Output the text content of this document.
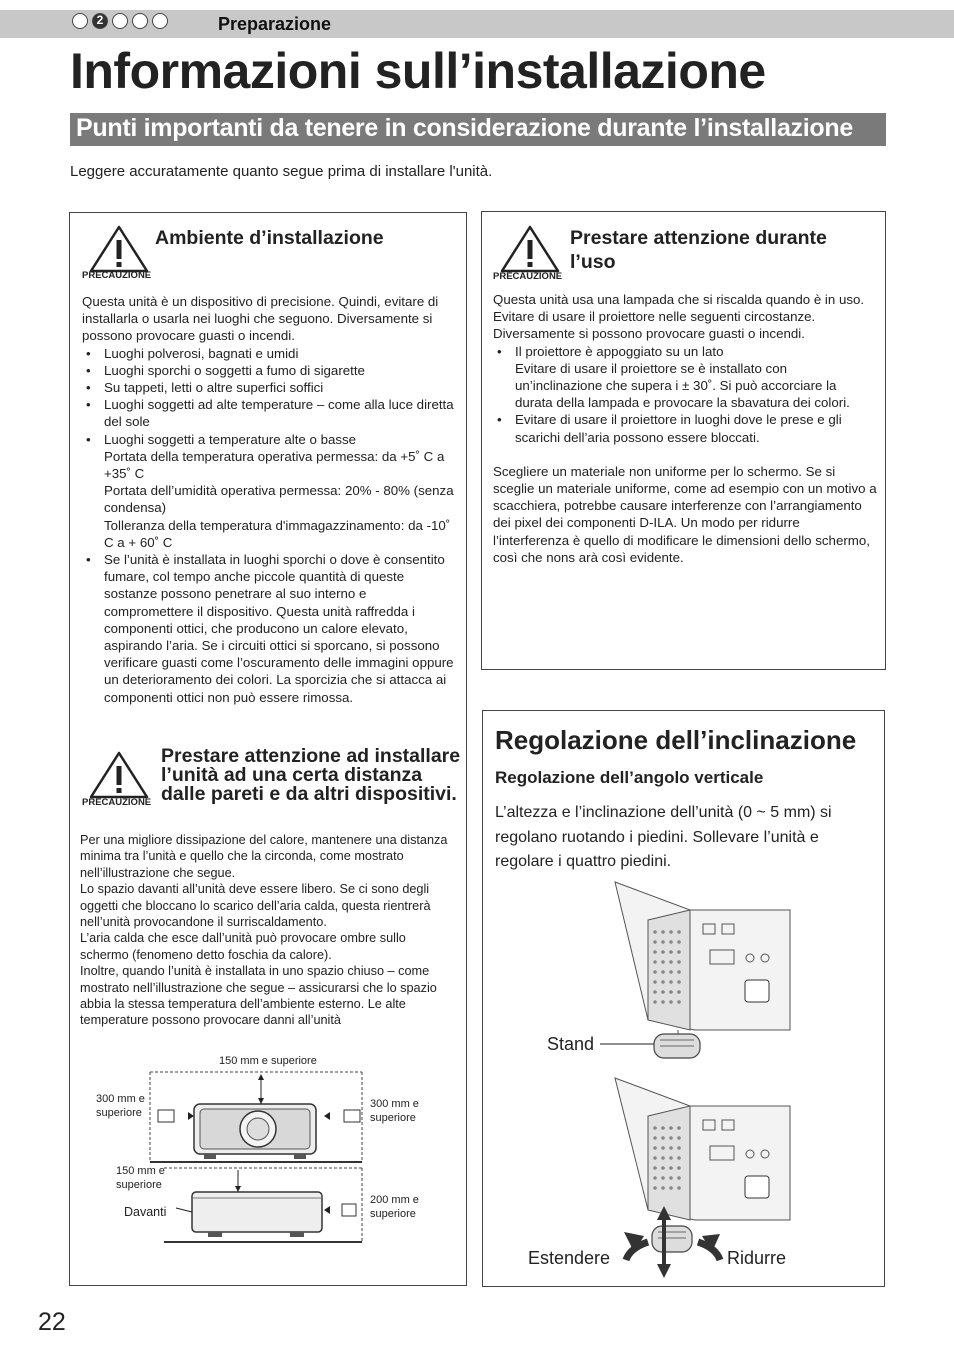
2	Preparazione
Informazioni sull’installazione
Punti importanti da tenere in considerazione durante l’installazione
Leggere accuratamente quanto segue prima di installare l'unità.
PRECAUZIONE
Ambiente d’installazione

Questa unità è un dispositivo di precisione. Quindi, evitare di installarla o usarla nei luoghi che seguono. Diversamente si possono provocare guasti o incendi.

• Luoghi polverosi, bagnati e umidi
• Luoghi sporchi o soggetti a fumo di sigarette
• Su tappeti, letti o altre superfici soffici
• Luoghi soggetti ad alte temperature – come alla luce diretta del sole
• Luoghi soggetti a temperature alte o basse
Portata della temperatura operativa permessa: da +5˚ C a +35˚ C
Portata dell’umidità operativa permessa: 20% - 80% (senza condensa)
Tolleranza della temperatura d'immagazzinamento: da -10˚ C a + 60˚ C
• Se l’unità è installata in luoghi sporchi o dove è consentito fumare, col tempo anche piccole quantità di queste sostanze possono penetrare al suo interno e compromettere il dispositivo. Questa unità raffredda i componenti ottici, che producono un calore elevato, aspirando l’aria. Se i circuiti ottici si sporcano, si possono verificare guasti come l’oscuramento delle immagini oppure un deterioramento dei colori. La sporcizia che si attacca ai componenti ottici non può essere rimossa.
PRECAUZIONE
Prestare attenzione ad installare l’unità ad una certa distanza dalle pareti e da altri dispositivi.
Per una migliore dissipazione del calore, mantenere una distanza minima tra l’unità e quello che la circonda, come mostrato nell’illustrazione che segue.
Lo spazio davanti all’unità deve essere libero. Se ci sono degli oggetti che bloccano lo scarico dell’aria calda, questa rientrerà nell’unità provocandone il surriscaldamento.
L’aria calda che esce dall’unità può provocare ombre sullo schermo (fenomeno detto foschia da calore).
Inoltre, quando l’unità è installata in uno spazio chiuso – come mostrato nell’illustrazione che segue – assicurarsi che lo spazio abbia la stessa temperatura dell’ambiente esterno. Le alte temperature possono provocare danni all’unità
150 mm e superiore
300 mm e superiore
300 mm e superiore
150 mm e superiore
Davanti
200 mm e superiore
PRECAUZIONE
Prestare attenzione durante l’uso

Questa unità usa una lampada che si riscalda quando è in uso. Evitare di usare il proiettore nelle seguenti circostanze. Diversamente si possono provocare guasti o incendi.

• Il proiettore è appoggiato su un lato
Evitare di usare il proiettore se è installato con un’inclinazione che supera i ± 30˚. Si può accorciare la durata della lampada e provocare la sbavatura dei colori.
• Evitare di usare il proiettore in luoghi dove le prese e gli scarichi dell’aria possono essere bloccati.

Scegliere un materiale non uniforme per lo schermo. Se si sceglie un materiale uniforme, come ad esempio con un motivo a scacchiera, potrebbe causare interferenze con l’arrangiamento dei pixel dei componenti D-ILA. Un modo per ridurre l’interferenza è quello di modificare le dimensioni dello schermo, così che nons arà così evidente.

Regolazione dell’inclinazione
Regolazione dell’angolo verticale
L’altezza e l’inclinazione dell’unità (0 ~ 5 mm) si regolano ruotando i piedini. Sollevare l’unità e regolare i quattro piedini.
Stand
Estendere	Ridurre
22
